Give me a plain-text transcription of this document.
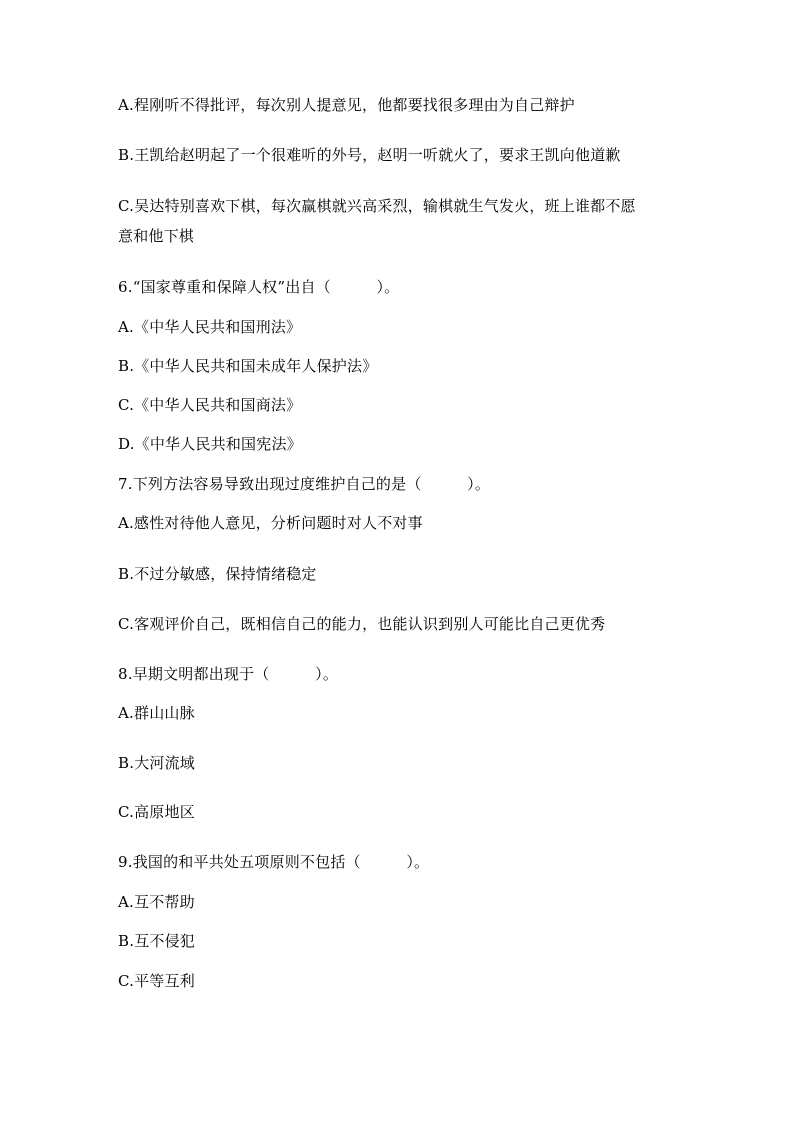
A.程刚听不得批评，每次别人提意见，他都要找很多理由为自己辩护
B.王凯给赵明起了一个很难听的外号，赵明一听就火了，要求王凯向他道歉
C.吴达特别喜欢下棋，每次赢棋就兴高采烈，输棋就生气发火，班上谁都不愿
意和他下棋
6.“国家尊重和保障人权”出自（　　　）。
A.《中华人民共和国刑法》
B.《中华人民共和国未成年人保护法》
C.《中华人民共和国商法》
D.《中华人民共和国宪法》
7.下列方法容易导致出现过度维护自己的是（　　　）。
A.感性对待他人意见，分析问题时对人不对事
B.不过分敏感，保持情绪稳定
C.客观评价自己，既相信自己的能力，也能认识到别人可能比自己更优秀
8.早期文明都出现于（　　　）。
A.群山山脉
B.大河流域
C.高原地区
9.我国的和平共处五项原则不包括（　　　）。
A.互不帮助
B.互不侵犯
C.平等互利
